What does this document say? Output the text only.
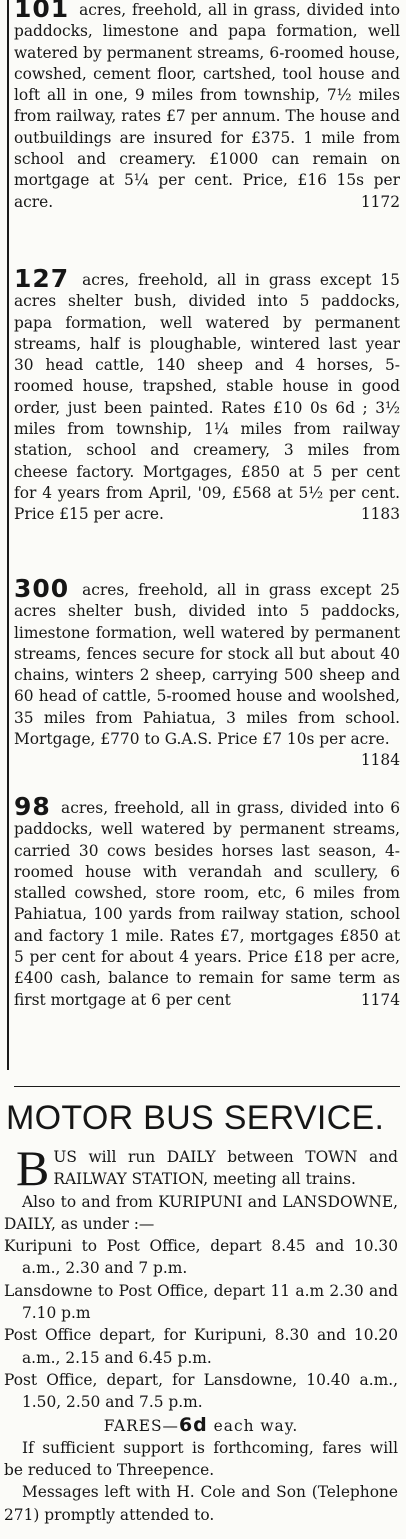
101 acres, freehold, all in grass, divided into paddocks, limestone and papa formation, well watered by permanent streams, 6-roomed house, cowshed, cement floor, cartshed, tool house and loft all in one, 9 miles from township, 7½ miles from railway, rates £7 per annum. The house and outbuildings are insured for £375. 1 mile from school and creamery. £1000 can remain on mortgage at 5¼ per cent. Price, £16 15s per acre.	1172

127 acres, freehold, all in grass except 15 acres shelter bush, divided into 5 paddocks, papa formation, well watered by permanent streams, half is ploughable, wintered last year 30 head cattle, 140 sheep and 4 horses, 5-roomed house, trapshed, stable house in good order, just been painted. Rates £10 0s 6d ; 3½ miles from township, 1¼ miles from railway station, school and creamery, 3 miles from cheese factory. Mortgages, £850 at 5 per cent for 4 years from April, '09, £568 at 5½ per cent. Price £15 per acre.	1183

300 acres, freehold, all in grass except 25 acres shelter bush, divided into 5 paddocks, limestone formation, well watered by permanent streams, fences secure for stock all but about 40 chains, winters 2 sheep, carrying 500 sheep and 60 head of cattle, 5-roomed house and woolshed, 35 miles from Pahiatua, 3 miles from school. Mortgage, £770 to G.A.S. Price £7 10s per acre.
1184

98 acres, freehold, all in grass, divided into 6 paddocks, well watered by permanent streams, carried 30 cows besides horses last season, 4-roomed house with verandah and scullery, 6 stalled cowshed, store room, etc, 6 miles from Pahiatua, 100 yards from railway station, school and factory 1 mile. Rates £7, mortgages £850 at 5 per cent for about 4 years. Price £18 per acre, £400 cash, balance to remain for same term as first mortgage at 6 per cent	1174

MOTOR BUS SERVICE.

BUS will run DAILY between TOWN and RAILWAY STATION, meeting all trains.

Also to and from KURIPUNI and LANSDOWNE, DAILY, as under :—

Kuripuni to Post Office, depart 8.45 and 10.30 a.m., 2.30 and 7 p.m.

Lansdowne to Post Office, depart 11 a.m 2.30 and 7.10 p.m

Post Office depart, for Kuripuni, 8.30 and 10.20 a.m., 2.15 and 6.45 p.m.

Post Office, depart, for Lansdowne, 10.40 a.m., 1.50, 2.50 and 7.5 p.m.

FARES—6d each way.

If sufficient support is forthcoming, fares will be reduced to Threepence.

Messages left with H. Cole and Son (Telephone 271) promptly attended to.
